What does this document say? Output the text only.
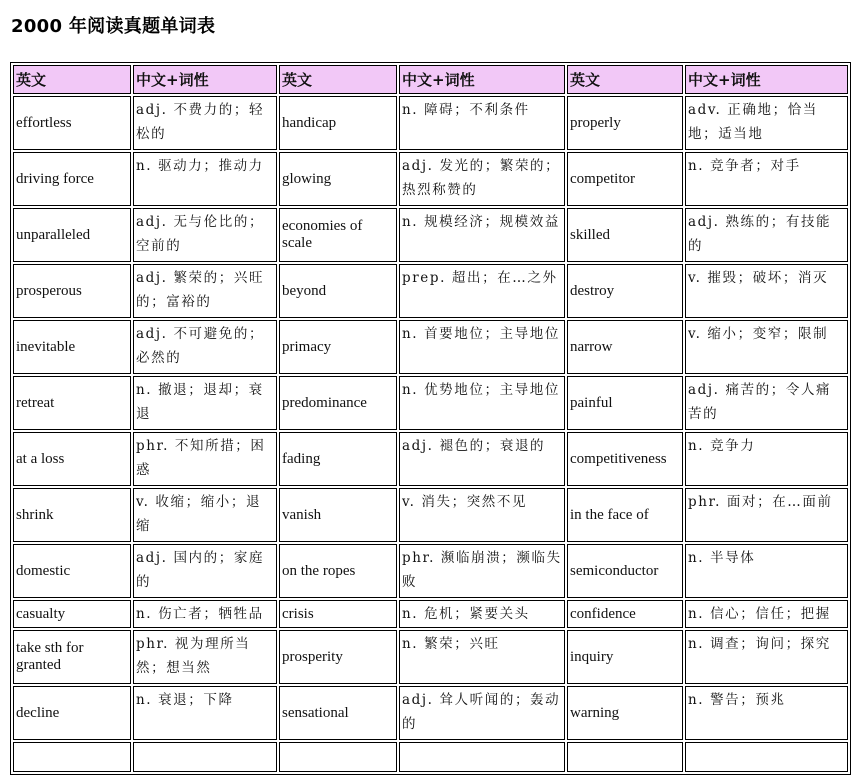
2000 年阅读真题单词表
英文	中文+词性	英文	中文+词性	英文	中文+词性
effortless	adj. 不费力的；轻松的	handicap	n. 障碍；不利条件	properly	adv. 正确地；恰当地；适当地
driving force	n. 驱动力；推动力	glowing	adj. 发光的；繁荣的；热烈称赞的	competitor	n. 竞争者；对手
unparalleled	adj. 无与伦比的；空前的	economies of scale	n. 规模经济；规模效益	skilled	adj. 熟练的；有技能的
prosperous	adj. 繁荣的；兴旺的；富裕的	beyond	prep. 超出；在…之外	destroy	v. 摧毁；破坏；消灭
inevitable	adj. 不可避免的；必然的	primacy	n. 首要地位；主导地位	narrow	v. 缩小；变窄；限制
retreat	n. 撤退；退却；衰退	predominance	n. 优势地位；主导地位	painful	adj. 痛苦的；令人痛苦的
at a loss	phr. 不知所措；困惑	fading	adj. 褪色的；衰退的	competitiveness	n. 竞争力
shrink	v. 收缩；缩小；退缩	vanish	v. 消失；突然不见	in the face of	phr. 面对；在…面前
domestic	adj. 国内的；家庭的	on the ropes	phr. 濒临崩溃；濒临失败	semiconductor	n. 半导体
casualty	n. 伤亡者；牺牲品	crisis	n. 危机；紧要关头	confidence	n. 信心；信任；把握
take sth for granted	phr. 视为理所当然；想当然	prosperity	n. 繁荣；兴旺	inquiry	n. 调查；询问；探究
decline	n. 衰退；下降	sensational	adj. 耸人听闻的；轰动的	warning	n. 警告；预兆
